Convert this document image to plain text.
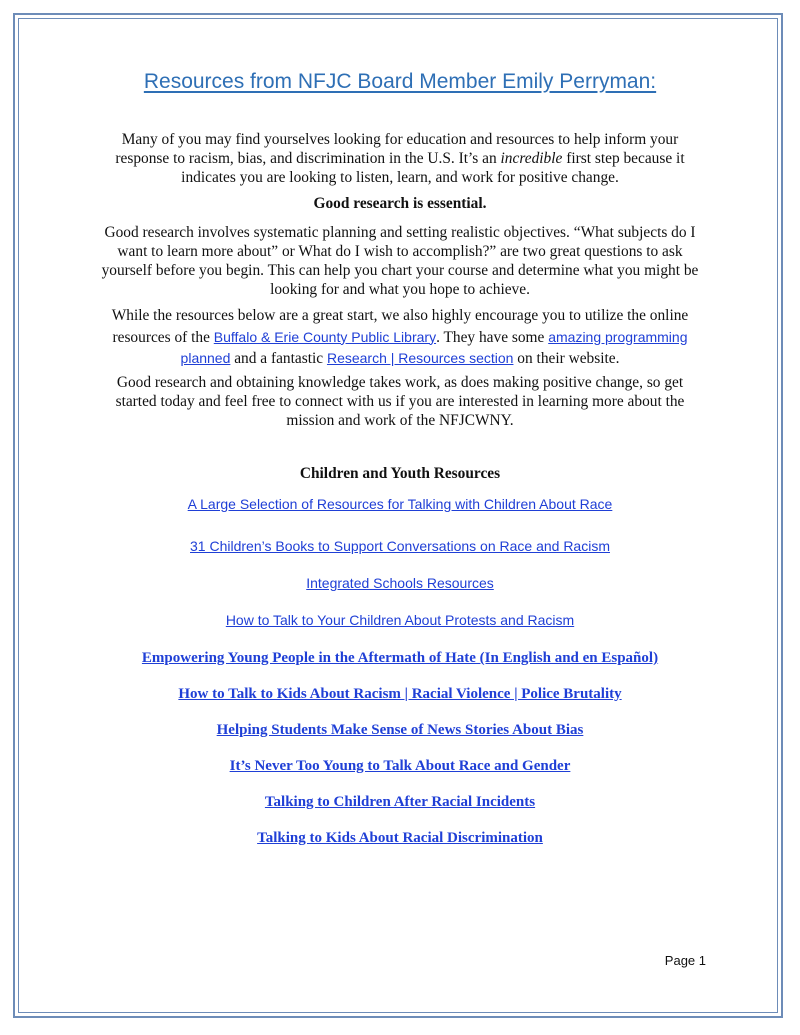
Resources from NFJC Board Member Emily Perryman:
Many of you may find yourselves looking for education and resources to help inform your response to racism, bias, and discrimination in the U.S. It’s an incredible first step because it indicates you are looking to listen, learn, and work for positive change.
Good research is essential.
Good research involves systematic planning and setting realistic objectives. “What subjects do I want to learn more about” or What do I wish to accomplish?” are two great questions to ask yourself before you begin. This can help you chart your course and determine what you might be looking for and what you hope to achieve.
While the resources below are a great start, we also highly encourage you to utilize the online resources of the Buffalo & Erie County Public Library. They have some amazing programming planned and a fantastic Research | Resources section on their website.
Good research and obtaining knowledge takes work, as does making positive change, so get started today and feel free to connect with us if you are interested in learning more about the mission and work of the NFJCWNY.
Children and Youth Resources
A Large Selection of Resources for Talking with Children About Race
31 Children’s Books to Support Conversations on Race and Racism
Integrated Schools Resources
How to Talk to Your Children About Protests and Racism
Empowering Young People in the Aftermath of Hate (In English and en Español)
How to Talk to Kids About Racism | Racial Violence | Police Brutality
Helping Students Make Sense of News Stories About Bias
It’s Never Too Young to Talk About Race and Gender
Talking to Children After Racial Incidents
Talking to Kids About Racial Discrimination
Page 1
